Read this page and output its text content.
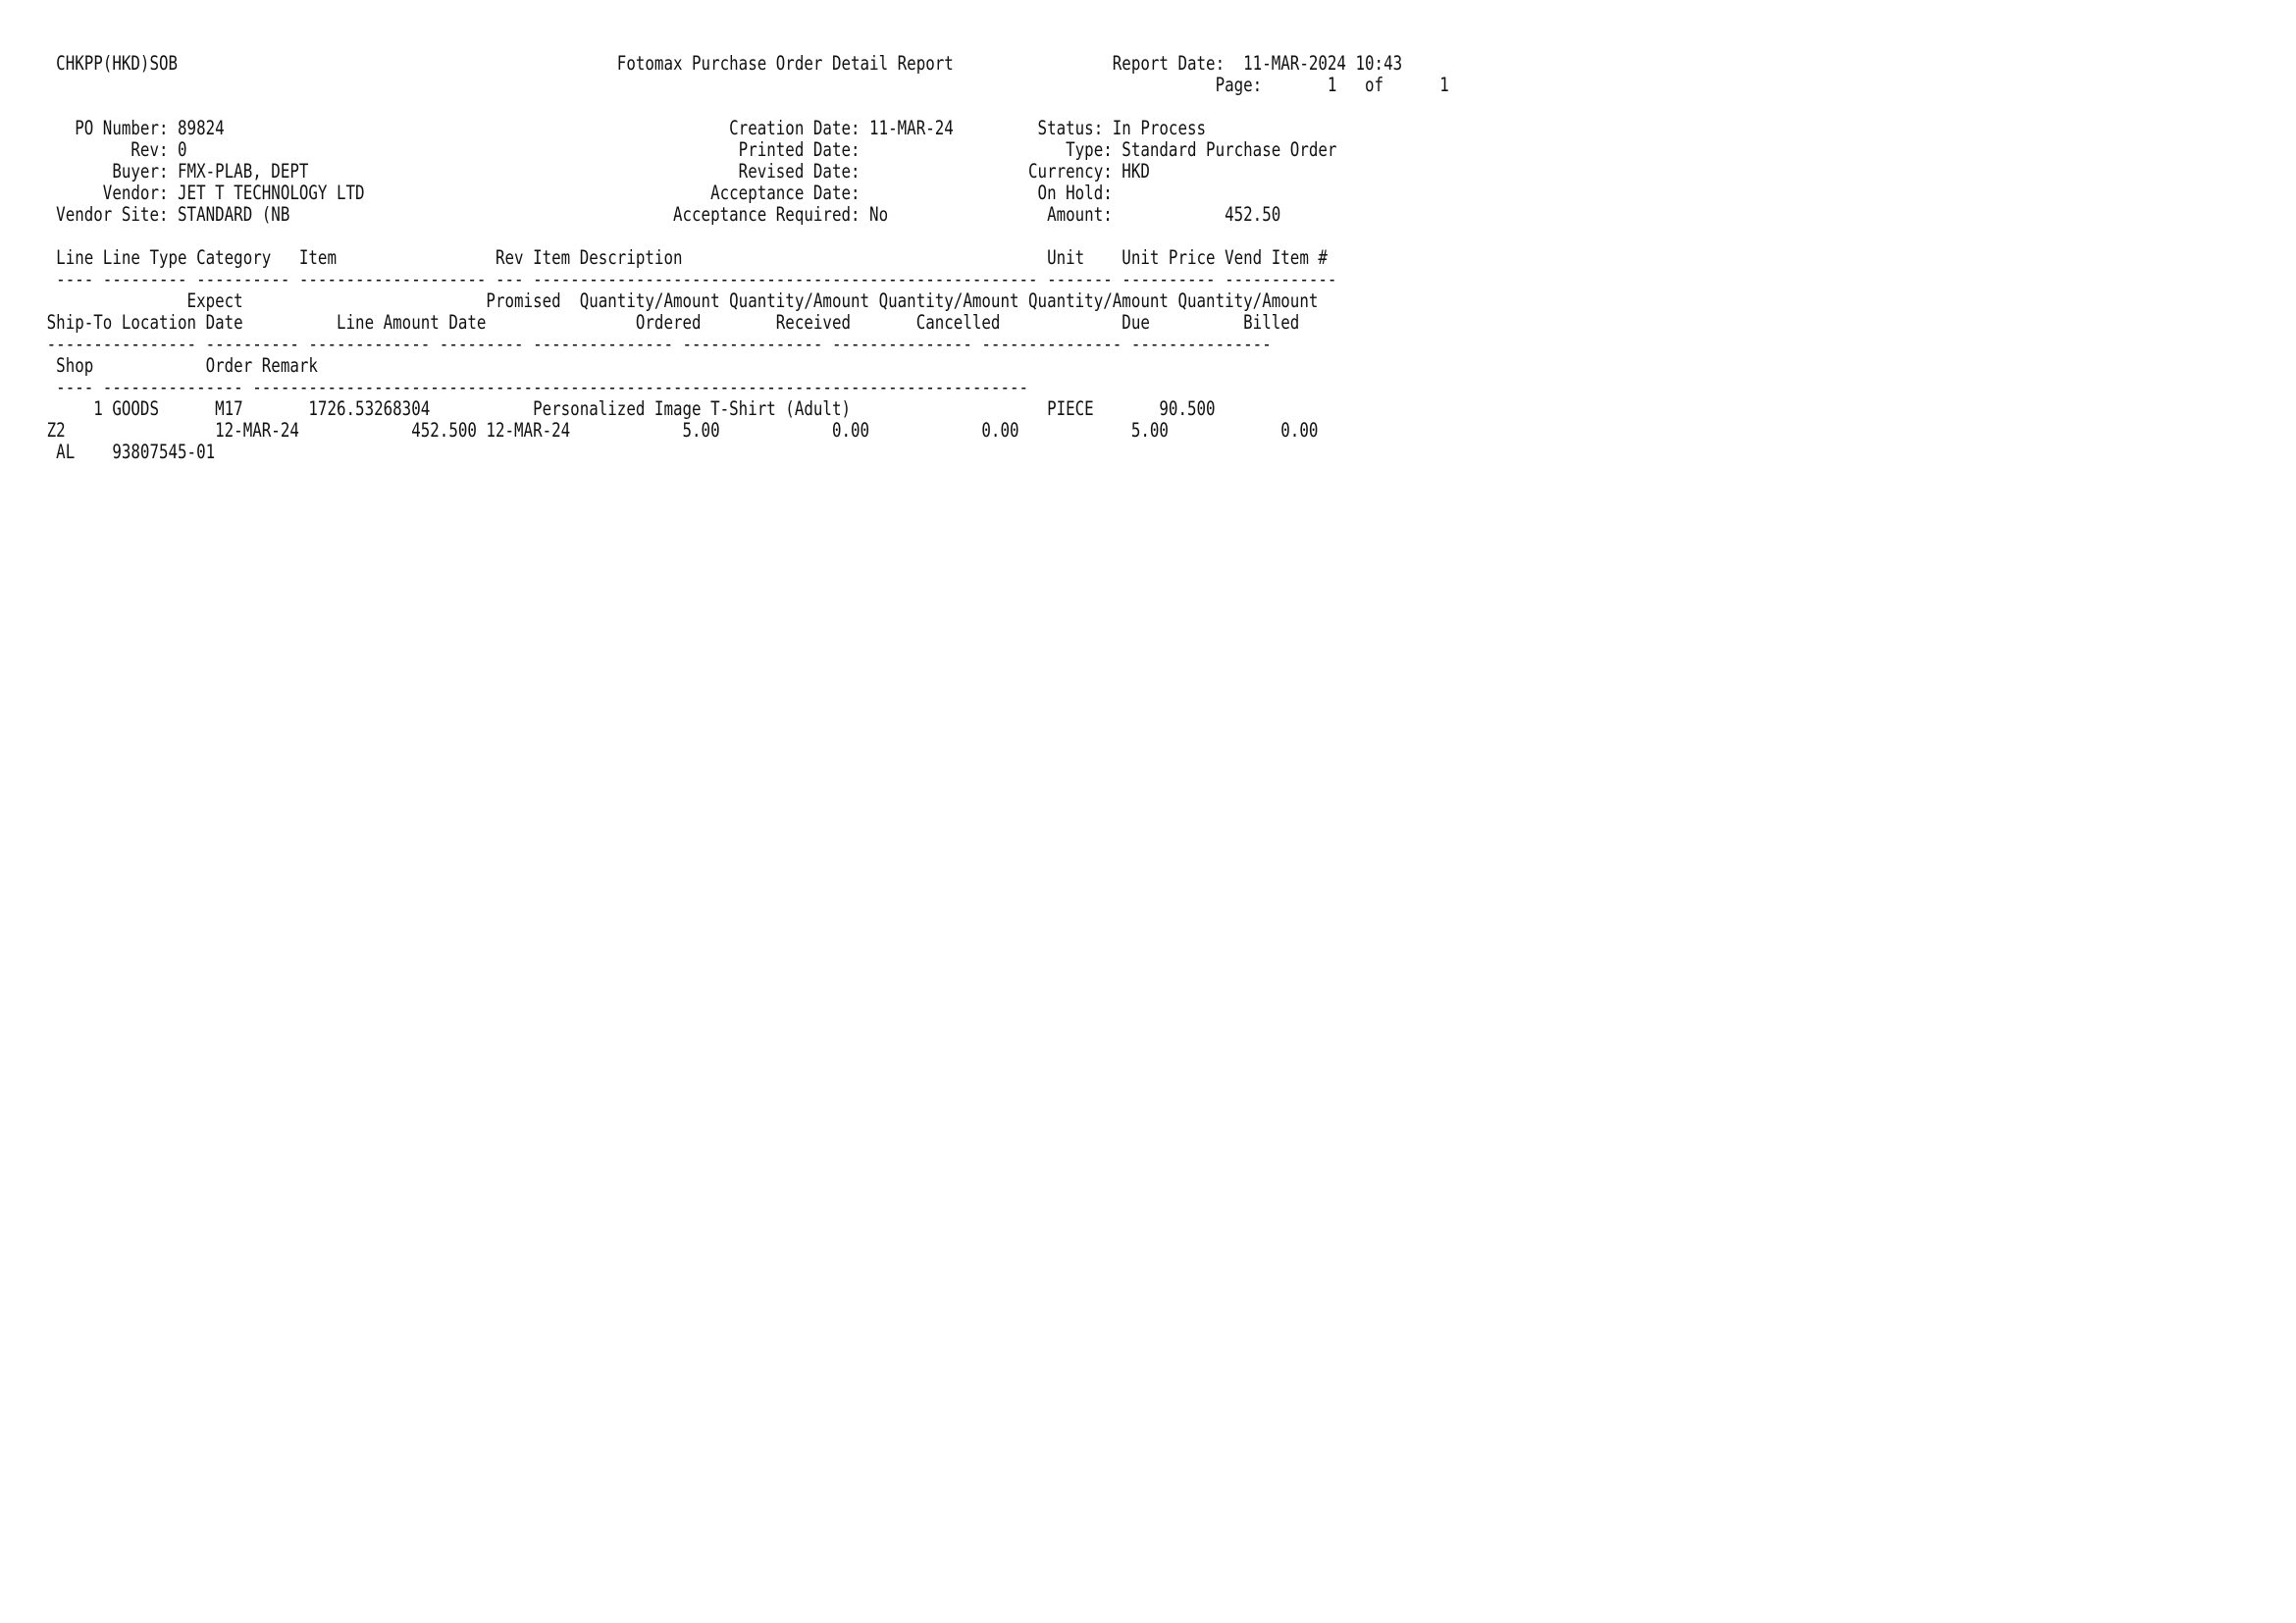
CHKPP(HKD)SOB                                               Fotomax Purchase Order Detail Report                 Report Date:  11-MAR-2024 10:43
Page:       1   of      1
PO Number: 89824                                                      Creation Date: 11-MAR-24         Status: In Process
Rev: 0                                                           Printed Date:                      Type: Standard Purchase Order
Buyer: FMX-PLAB, DEPT                                              Revised Date:                  Currency: HKD
Vendor: JET T TECHNOLOGY LTD                                     Acceptance Date:                   On Hold:
Vendor Site: STANDARD (NB                                         Acceptance Required: No                 Amount:            452.50
Line Line Type Category   Item                 Rev Item Description                                       Unit    Unit Price Vend Item #
---- --------- ---------- -------------------- --- ------------------------------------------------------ ------- ---------- ------------
Expect                          Promised  Quantity/Amount Quantity/Amount Quantity/Amount Quantity/Amount Quantity/Amount
Ship-To Location Date          Line Amount Date                Ordered        Received       Cancelled             Due          Billed
---------------- ---------- ------------- --------- --------------- --------------- --------------- --------------- ---------------
Shop            Order Remark
---- --------------- -----------------------------------------------------------------------------------
1 GOODS      M17       1726.53268304           Personalized Image T-Shirt (Adult)                     PIECE       90.500
Z2                12-MAR-24            452.500 12-MAR-24            5.00            0.00            0.00            5.00            0.00
AL    93807545-01
